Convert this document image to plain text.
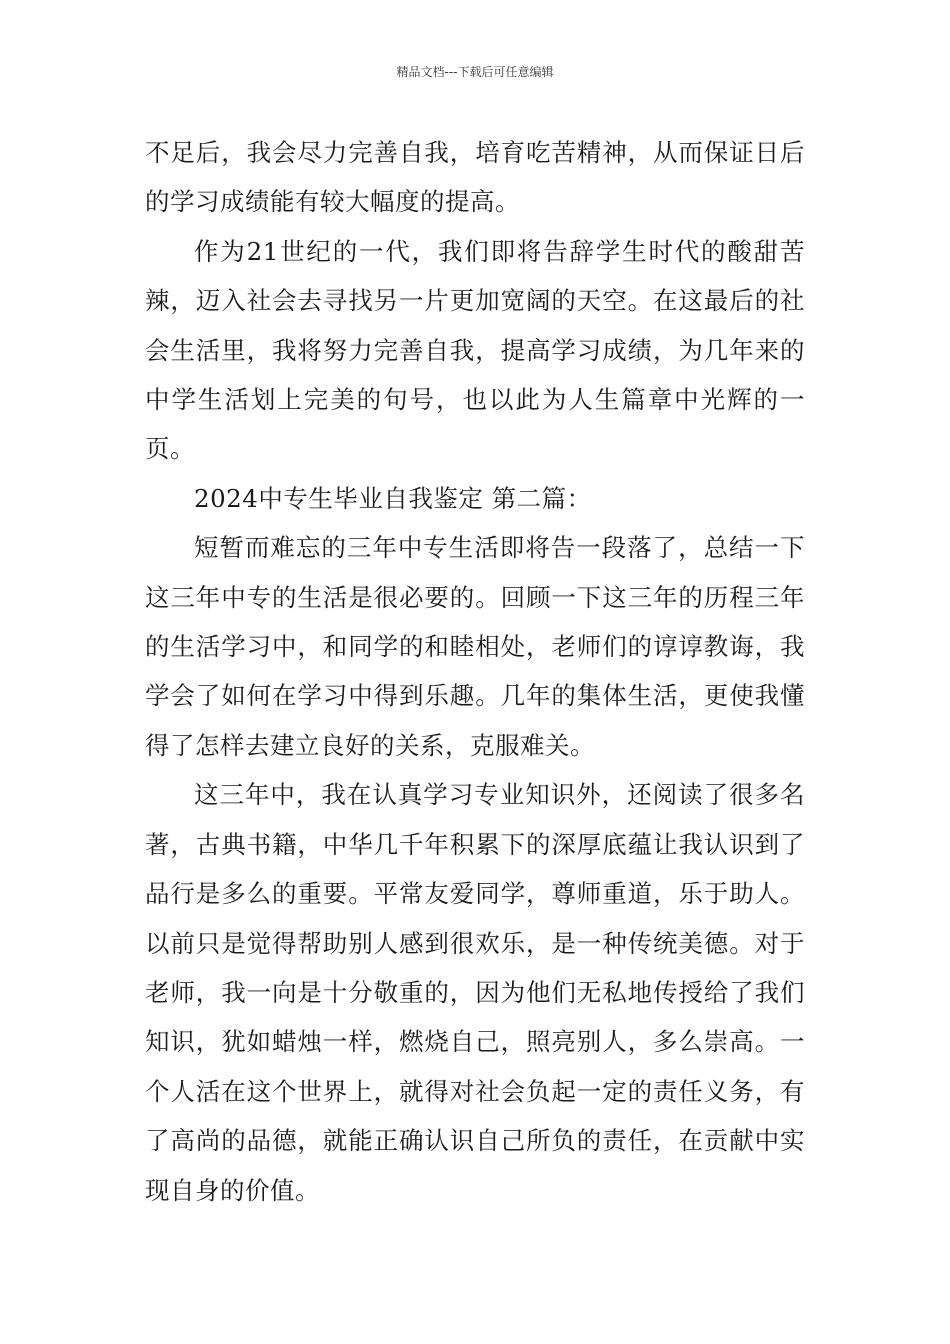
精品文档---下载后可任意编辑

不足后，我会尽力完善自我，培育吃苦精神，从而保证日后的学习成绩能有较大幅度的提高。

作为21世纪的一代，我们即将告辞学生时代的酸甜苦辣，迈入社会去寻找另一片更加宽阔的天空。在这最后的社会生活里，我将努力完善自我，提高学习成绩，为几年来的中学生活划上完美的句号，也以此为人生篇章中光辉的一页。

2024中专生毕业自我鉴定 第二篇：

短暂而难忘的三年中专生活即将告一段落了，总结一下这三年中专的生活是很必要的。回顾一下这三年的历程三年的生活学习中，和同学的和睦相处，老师们的谆谆教诲，我学会了如何在学习中得到乐趣。几年的集体生活，更使我懂得了怎样去建立良好的关系，克服难关。

这三年中，我在认真学习专业知识外，还阅读了很多名著，古典书籍，中华几千年积累下的深厚底蕴让我认识到了品行是多么的重要。平常友爱同学，尊师重道，乐于助人。以前只是觉得帮助别人感到很欢乐，是一种传统美德。对于老师，我一向是十分敬重的，因为他们无私地传授给了我们知识，犹如蜡烛一样，燃烧自己，照亮别人，多么崇高。一个人活在这个世界上，就得对社会负起一定的责任义务，有了高尚的品德，就能正确认识自己所负的责任，在贡献中实现自身的价值。
